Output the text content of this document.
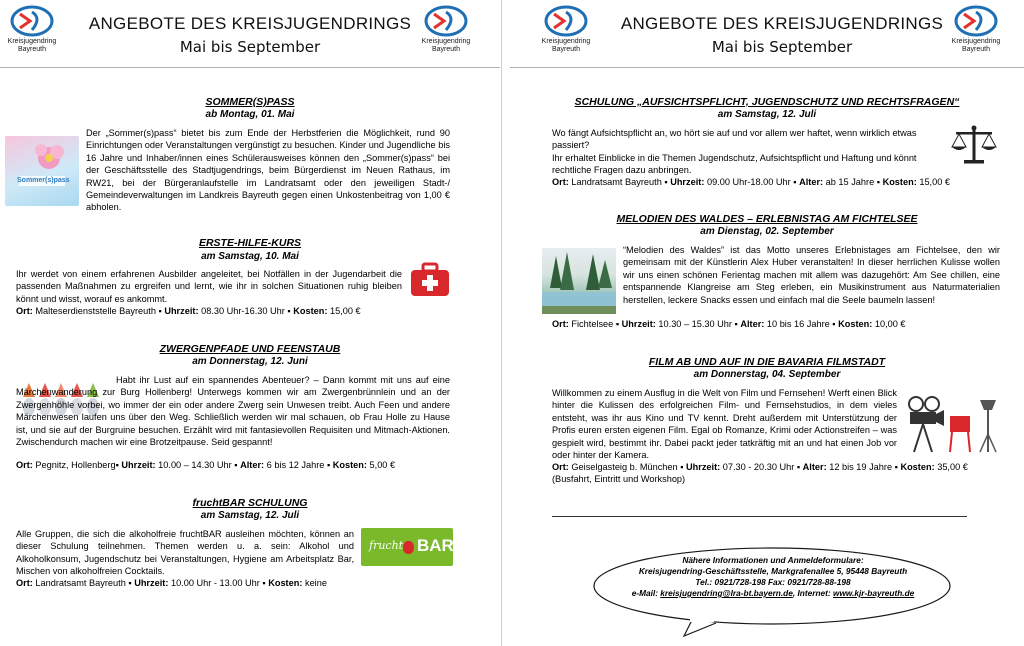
Kreisjugendring
Bayreuth
ANGEBOTE DES KREISJUGENDRINGS
Mai bis September	Kreisjugendring
Bayreuth
SOMMER(S)PASS
ab Montag, 01. Mai
Sommer(s)pass
Der „Sommer(s)pass“ bietet bis zum Ende der Herbstferien die Möglichkeit, rund 90 Einrichtungen oder Veranstaltungen vergünstigt zu besuchen. Kinder und Jugendliche bis 16 Jahre und Inhaber/innen eines Schülerausweises können den „Sommer(s)pass“ bei der Geschäftsstelle des Stadtjugendrings, beim Bürgerdienst im Neuen Rathaus, im RW21, bei der Bürgeranlaufstelle im Landratsamt oder den jeweiligen Stadt-/ Gemeindeverwaltungen im Landkreis Bayreuth gegen einen Unkostenbeitrag von 1,00 € abholen.
ERSTE-HILFE-KURS
am Samstag, 10. Mai
Ihr werdet von einem erfahrenen Ausbilder angeleitet, bei Notfällen in der Jugendarbeit die passenden Maßnahmen zu ergreifen und lernt, wie ihr in solchen Situationen ruhig bleiben könnt und wisst, worauf es ankommt.
Ort: Malteserdienststelle Bayreuth ▪ Uhrzeit: 08.30 Uhr-16.30 Uhr ▪ Kosten: 15,00 €
ZWERGENPFADE UND FEENSTAUB
am Donnerstag, 12. Juni
Habt ihr Lust auf ein spannendes Abenteuer? – Dann kommt mit uns auf eine Märchenwanderung zur Burg Hollenberg! Unterwegs kommen wir am Zwergenbrünnlein und an der Zwergenhöhle vorbei, wo immer der ein oder andere Zwerg sein Unwesen treibt. Auch Feen und andere Märchenwesen laufen uns über den Weg. Schließlich werden wir mal schauen, ob Frau Holle zu Hause ist, und sie auf der Burgruine besuchen. Erzählt wird mit fantasievollen Requisiten und Mitmach-Aktionen. Zwischendurch machen wir eine Brotzeitpause. Seid gespannt!
Ort: Pegnitz, Hollenberg▪ Uhrzeit: 10.00 – 14.30 Uhr ▪ Alter: 6 bis 12 Jahre ▪ Kosten: 5,00 €
fruchtBAR SCHULUNG
am Samstag, 12. Juli
Alle Gruppen, die sich die alkoholfreie fruchtBAR ausleihen möchten, können an dieser Schulung teilnehmen. Themen werden u. a. sein: Alkohol und Alkoholkonsum, Jugendschutz bei Veranstaltungen, Hygiene am Arbeitsplatz Bar, Mischen von alkoholfreien Cocktails.
frucht BAR
Ort: Landratsamt Bayreuth ▪ Uhrzeit: 10.00 Uhr - 13.00 Uhr ▪ Kosten: keine
Kreisjugendring
Bayreuth
ANGEBOTE DES KREISJUGENDRINGS
Mai bis September	Kreisjugendring
Bayreuth
SCHULUNG „AUFSICHTSPFLICHT, JUGENDSCHUTZ UND RECHTSFRAGEN“
am Samstag, 12. Juli
Wo fängt Aufsichtspflicht an, wo hört sie auf und vor allem wer haftet, wenn wirklich etwas passiert?
Ihr erhaltet Einblicke in die Themen Jugendschutz, Aufsichtspflicht und Haftung und könnt rechtliche Fragen dazu anbringen.
Ort: Landratsamt Bayreuth ▪ Uhrzeit: 09.00 Uhr-18.00 Uhr ▪ Alter: ab 15 Jahre ▪ Kosten: 15,00 €
MELODIEN DES WALDES – ERLEBNISTAG AM FICHTELSEE
am Dienstag, 02. September
“Melodien des Waldes” ist das Motto unseres Erlebnistages am Fichtelsee, den wir gemeinsam mit der Künstlerin Alex Huber veranstalten! In dieser herrlichen Kulisse wollen wir uns einen schönen Ferientag machen mit allem was dazugehört: Am See chillen, eine entspannende Klangreise am Steg erleben, ein Musikinstrument aus Naturmaterialien herstellen, leckere Snacks essen und einfach mal die Seele baumeln lassen!
Ort: Fichtelsee ▪ Uhrzeit: 10.30 – 15.30 Uhr ▪ Alter: 10 bis 16 Jahre ▪ Kosten: 10,00 €
FILM AB UND AUF IN DIE BAVARIA FILMSTADT
am Donnerstag, 04. September
Willkommen zu einem Ausflug in die Welt von Film und Fernsehen! Werft einen Blick hinter die Kulissen des erfolgreichen Film- und Fernsehstudios, in dem vieles entsteht, was ihr aus Kino und TV kennt. Dreht außerdem mit Unterstützung der Profis euren ersten eigenen Film. Egal ob Romanze, Krimi oder Actionstreifen – was gespielt wird, bestimmt ihr. Dabei packt jeder tatkräftig mit an und hat einen Job vor oder hinter der Kamera.
Ort: Geiselgasteig b. München ▪ Uhrzeit: 07.30 - 20.30 Uhr ▪ Alter: 12 bis 19 Jahre ▪ Kosten: 35,00 €
(Busfahrt, Eintritt und Workshop)
Nähere Informationen und Anmeldeformulare:
Kreisjugendring-Geschäftsstelle, Markgrafenallee 5, 95448 Bayreuth
Tel.: 0921/728-198 Fax: 0921/728-88-198
e-Mail: kreisjugendring@lra-bt.bayern.de, Internet: www.kjr-bayreuth.de
